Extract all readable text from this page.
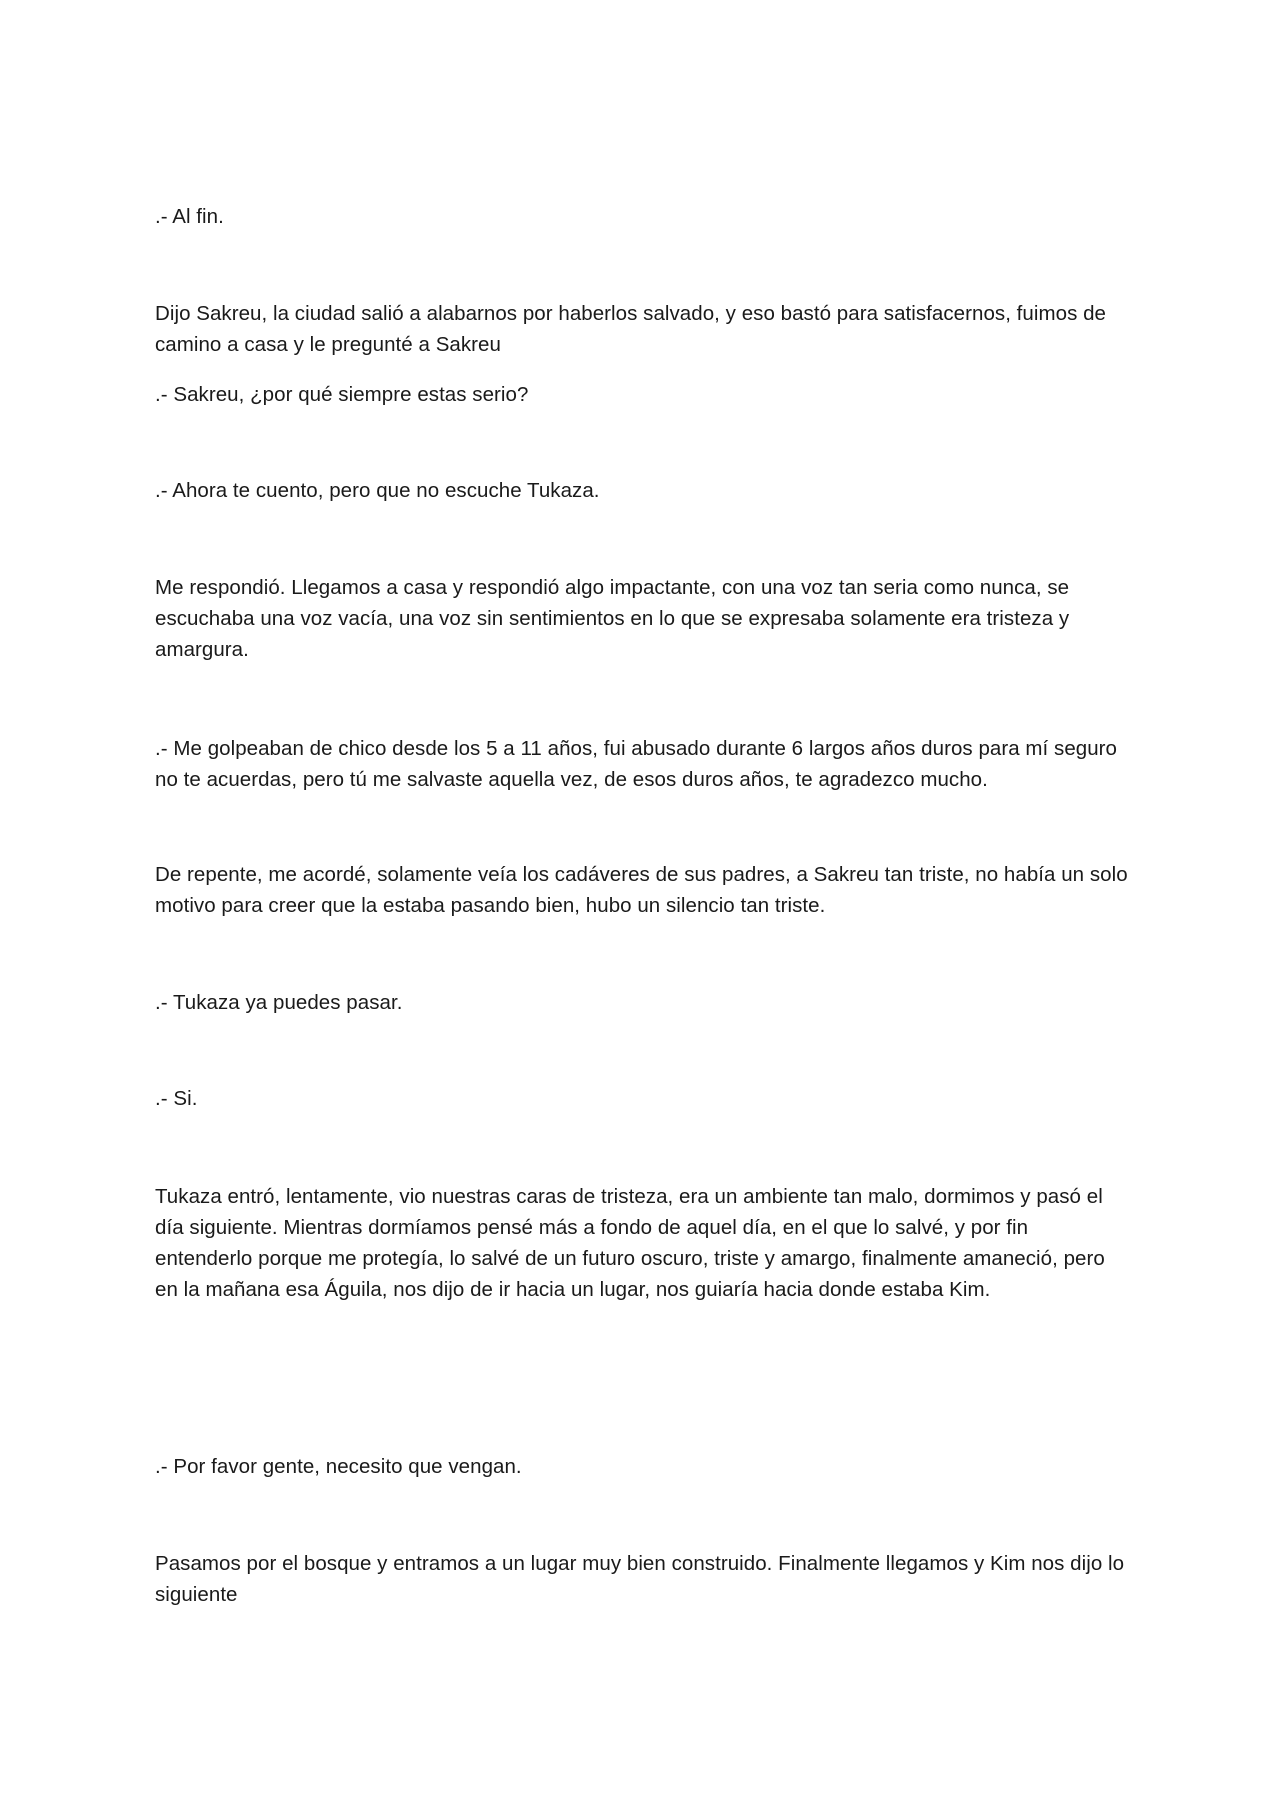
.- Al fin.

Dijo Sakreu, la ciudad salió a alabarnos por haberlos salvado, y eso bastó para satisfacernos, fuimos de camino a casa y le pregunté a Sakreu

.- Sakreu, ¿por qué siempre estas serio?

.- Ahora te cuento, pero que no escuche Tukaza.

Me respondió. Llegamos a casa y respondió algo impactante, con una voz tan seria como nunca, se escuchaba una voz vacía, una voz sin sentimientos en lo que se expresaba solamente era tristeza y amargura.

.- Me golpeaban de chico desde los 5 a 11 años, fui abusado durante 6 largos años duros para mí seguro no te acuerdas, pero tú me salvaste aquella vez, de esos duros años, te agradezco mucho.

De repente, me acordé, solamente veía los cadáveres de sus padres, a Sakreu tan triste, no había un solo motivo para creer que la estaba pasando bien, hubo un silencio tan triste.

.- Tukaza ya puedes pasar.

.- Si.

Tukaza entró, lentamente, vio nuestras caras de tristeza, era un ambiente tan malo, dormimos y pasó el día siguiente. Mientras dormíamos pensé más a fondo de aquel día, en el que lo salvé, y por fin entenderlo porque me protegía, lo salvé de un futuro oscuro, triste y amargo, finalmente amaneció, pero en la mañana esa Águila, nos dijo de ir hacia un lugar, nos guiaría hacia donde estaba Kim.

.- Por favor gente, necesito que vengan.

Pasamos por el bosque y entramos a un lugar muy bien construido. Finalmente llegamos y Kim nos dijo lo siguiente
